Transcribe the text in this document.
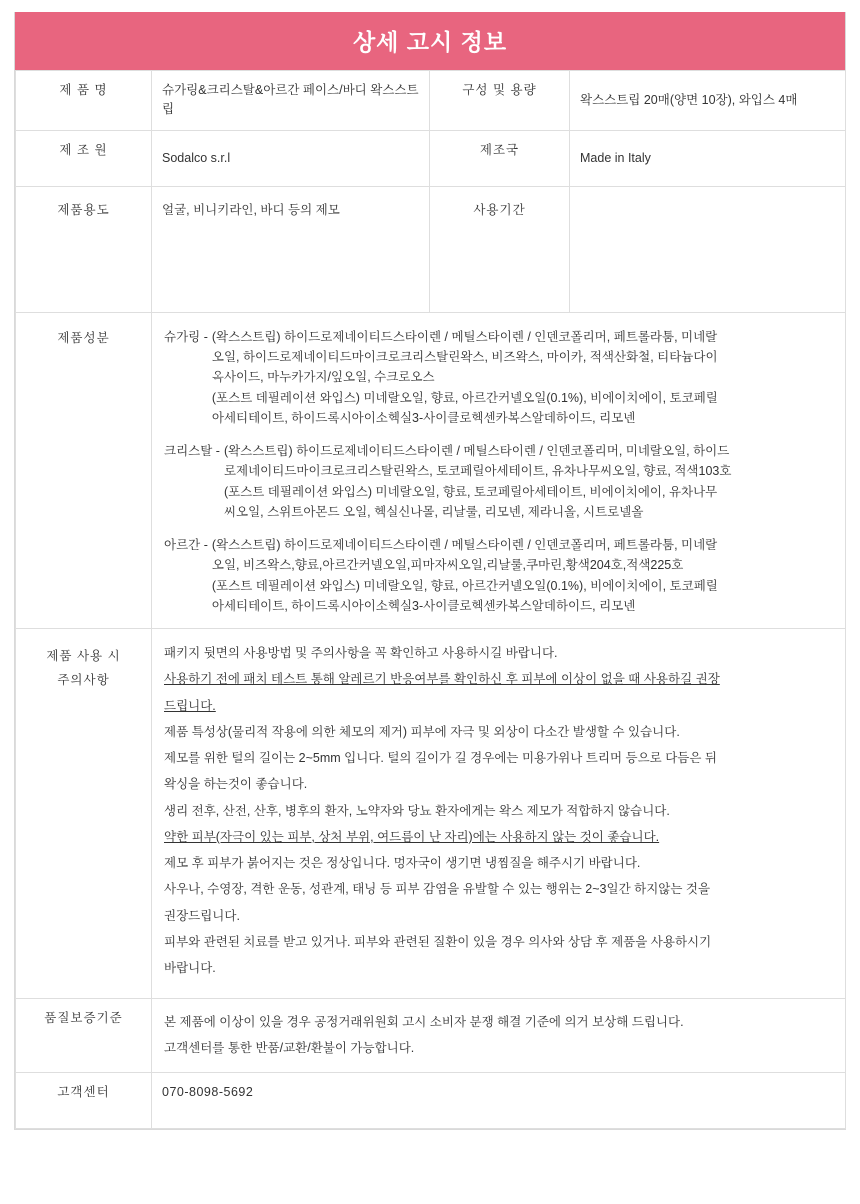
상세 고시 정보
제 품 명	슈가링&크리스탈&아르간 페이스/바디 왁스스트립	구성 및 용량	왁스스트립 20매(양면 10장), 와입스 4매
제 조 원	Sodalco s.r.l	제조국	Made in Italy
제품용도	얼굴, 비니키라인, 바디 등의 제모	사용기간	
제품성분	슈가링 - (왁스스트립) 하이드로제네이티드스타이렌 / 메틸스타이렌 / 인덴코폴리머, 페트롤라툼, 미네랄
오일, 하이드로제네이티드마이크로크리스탈린왁스, 비즈왁스, 마이카, 적색산화철, 티타늄다이
옥사이드, 마누카가지/잎오일, 수크로오스
(포스트 데필레이션 와입스) 미네랄오일, 향료, 아르간커넬오일(0.1%), 비에이치에이, 토코페릴
아세티테이트, 하이드록시아이소헥실3-사이클로헥센카복스알데하이드, 리모넨
크리스탈 - (왁스스트립) 하이드로제네이티드스타이렌 / 메틸스타이렌 / 인덴코폴리머, 미네랄오일, 하이드
로제네이티드마이크로크리스탈린왁스, 토코페릴아세테이트, 유차나무씨오일, 향료, 적색103호
(포스트 데필레이션 와입스) 미네랄오일, 향료, 토코페릴아세테이트, 비에이치에이, 유차나무
씨오일, 스위트아몬드 오일, 헥실신나몰, 리날룰, 리모넨, 제라니올, 시트로넬올
아르간 - (왁스스트립) 하이드로제네이티드스타이렌 / 메틸스타이렌 / 인덴코폴리머, 페트롤라툼, 미네랄
오일, 비즈왁스,향료,아르간커넬오일,피마자씨오일,리날룰,쿠마린,황색204호,적색225호
(포스트 데필레이션 와입스) 미네랄오일, 향료, 아르간커넬오일(0.1%), 비에이치에이, 토코페릴
아세티테이트, 하이드록시아이소헥실3-사이클로헥센카복스알데하이드, 리모넨

제품 사용 시
주의사항

패키지 뒷면의 사용방법 및 주의사항을 꼭 확인하고 사용하시길 바랍니다.

사용하기 전에 패치 테스트 통해 알레르기 반응여부를 확인하신 후 피부에 이상이 없을 때 사용하길 권장

드립니다.

제품 특성상(물리적 작용에 의한 체모의 제거) 피부에 자극 및 외상이 다소간 발생할 수 있습니다.

제모를 위한 털의 길이는 2~5mm 입니다. 털의 길이가 길 경우에는 미용가위나 트리머 등으로 다듬은 뒤

왁싱을 하는것이 좋습니다.

생리 전후, 산전, 산후, 병후의 환자, 노약자와 당뇨 환자에게는 왁스 제모가 적합하지 않습니다.

약한 피부(자극이 있는 피부, 상처 부위, 여드름이 난 자리)에는 사용하지 않는 것이 좋습니다.

제모 후 피부가 붉어지는 것은 정상입니다. 멍자국이 생기면 냉찜질을 해주시기 바랍니다.

사우나, 수영장, 격한 운동, 성관계, 태닝 등 피부 감염을 유발할 수 있는 행위는 2~3일간 하지않는 것을

권장드립니다.

피부와 관련된 치료를 받고 있거나. 피부와 관련된 질환이 있을 경우 의사와 상담 후 제품을 사용하시기

바랍니다.

품질보증기준	본 제품에 이상이 있을 경우 공정거래위원회 고시 소비자 분쟁 해결 기준에 의거 보상해 드립니다.

고객센터를 통한 반품/교환/환불이 가능합니다.		

고객센터	070-8098-5692		
